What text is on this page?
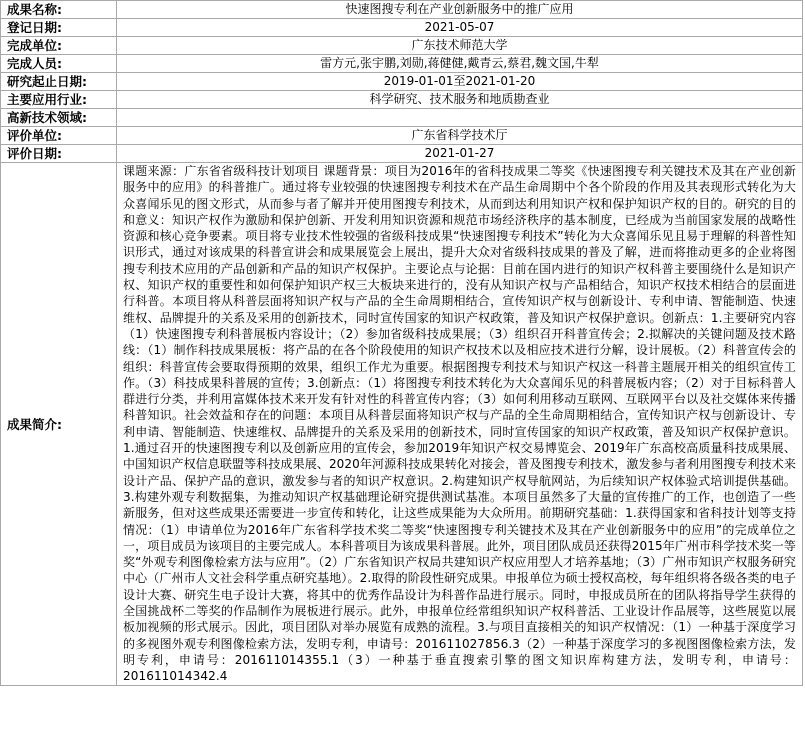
成果名称:	快速图搜专利在产业创新服务中的推广应用
登记日期:	2021-05-07
完成单位:	广东技术师范大学
完成人员:	雷方元,张宇鹏,刘勋,蒋健健,戴青云,蔡君,魏文国,牛犁
研究起止日期:	2019-01-01至2021-01-20
主要应用行业:	科学研究、技术服务和地质勘查业
高新技术领域:	
评价单位:	广东省科学技术厅
评价日期:	2021-01-27
成果简介:	课题来源：广东省省级科技计划项目 课题背景：项目为2016年的省科技成果二等奖《快速图搜专利关键技术及其在产业创新服务中的应用》的科普推广。通过将专业较强的快速图搜专利技术在产品生命周期中个各个阶段的作用及其表现形式转化为大众喜闻乐见的图文形式，从而参与者了解并开使用图搜专利技术，从而到达利用知识产权和保护知识产权的目的。研究的目的和意义：知识产权作为激励和保护创新、开发利用知识资源和规范市场经济秩序的基本制度，已经成为当前国家发展的战略性资源和核心竞争要素。项目将专业技术性较强的省级科技成果“快速图搜专利技术”转化为大众喜闻乐见且易于理解的科普性知识形式，通过对该成果的科普宣讲会和成果展览会上展出，提升大众对省级科技成果的普及了解，进而将推动更多的企业将图搜专利技术应用的产品创新和产品的知识产权保护。主要论点与论据：目前在国内进行的知识产权科普主要围绕什么是知识产权、知识产权的重要性和如何保护知识产权三大板块来进行的，没有从知识产权与产品相结合，知识产权技术相结合的层面进行科普。本项目将从科普层面将知识产权与产品的全生命周期相结合，宣传知识产权与创新设计、专利申请、智能制造、快速维权、品牌提升的关系及采用的创新技术，同时宣传国家的知识产权政策，普及知识产权保护意识。创新点：1.主要研究内容（1）快速图搜专利科普展板内容设计；（2）参加省级科技成果展；（3）组织召开科普宣传会；2.拟解决的关键问题及技术路线：（1）制作科技成果展板：将产品的在各个阶段使用的知识产权技术以及相应技术进行分解，设计展板。（2）科普宣传会的组织：科普宣传会要取得预期的效果，组织工作尤为重要。根据图搜专利技术与知识产权这一科普主题展开相关的组织宣传工作。（3）科技成果科普展的宣传；3.创新点：（1）将图搜专利技术转化为大众喜闻乐见的科普展板内容；（2）对于目标科普人群进行分类，并利用富媒体技术来开发有针对性的科普宣传内容；（3）如何利用移动互联网、互联网平台以及社交媒体来传播科普知识。社会效益和存在的问题：本项目从科普层面将知识产权与产品的全生命周期相结合，宣传知识产权与创新设计、专利申请、智能制造、快速维权、品牌提升的关系及采用的创新技术，同时宣传国家的知识产权政策，普及知识产权保护意识。1.通过召开的快速图搜专利以及创新应用的宣传会，参加2019年知识产权交易博览会、2019年广东高校高质量科技成果展、中国知识产权信息联盟等科技成果展、2020年河源科技成果转化对接会，普及图搜专利技术，激发参与者利用图搜专利技术来设计产品、保护产品的意识，激发参与者的知识产权意识。2.构建知识产权导航网站，为后续知识产权体验式培训提供基础。3.构建外观专利数据集，为推动知识产权基础理论研究提供测试基准。本项目虽然多了大量的宣传推广的工作，也创造了一些新服务，但对这些成果还需要进一步宣传和转化，让这些成果能为大众所用。前期研究基础：1.获得国家和省科技计划等支持情况：（1）申请单位为2016年广东省科学技术奖二等奖“快速图搜专利关键技术及其在产业创新服务中的应用”的完成单位之一，项目成员为该项目的主要完成人。本科普项目为该成果科普展。此外，项目团队成员还获得2015年广州市科学技术奖一等奖“外观专利图像检索方法与应用”。（2）广东省知识产权局共建知识产权应用型人才培养基地；（3）广州市知识产权服务研究中心（广州市人文社会科学重点研究基地）。2.取得的阶段性研究成果。申报单位为硕士授权高校，每年组织将各级各类的电子设计大赛、研究生电子设计大赛，将其中的优秀作品设计为科普作品进行展示。同时，申报成员所在的团队将指导学生获得的全国挑战杯二等奖的作品制作为展板进行展示。此外，申报单位经常组织知识产权科普活、工业设计作品展等，这些展览以展板加视频的形式展示。因此，项目团队对举办展览有成熟的流程。3.与项目直接相关的知识产权情况：（1）一种基于深度学习的多视图外观专利图像检索方法，发明专利，申请号：201611027856.3（2）一种基于深度学习的多视图图像检索方法，发明专利，申请号：201611014355.1（3）一种基于垂直搜索引擎的图文知识库构建方法，发明专利，申请号：201611014342.4
